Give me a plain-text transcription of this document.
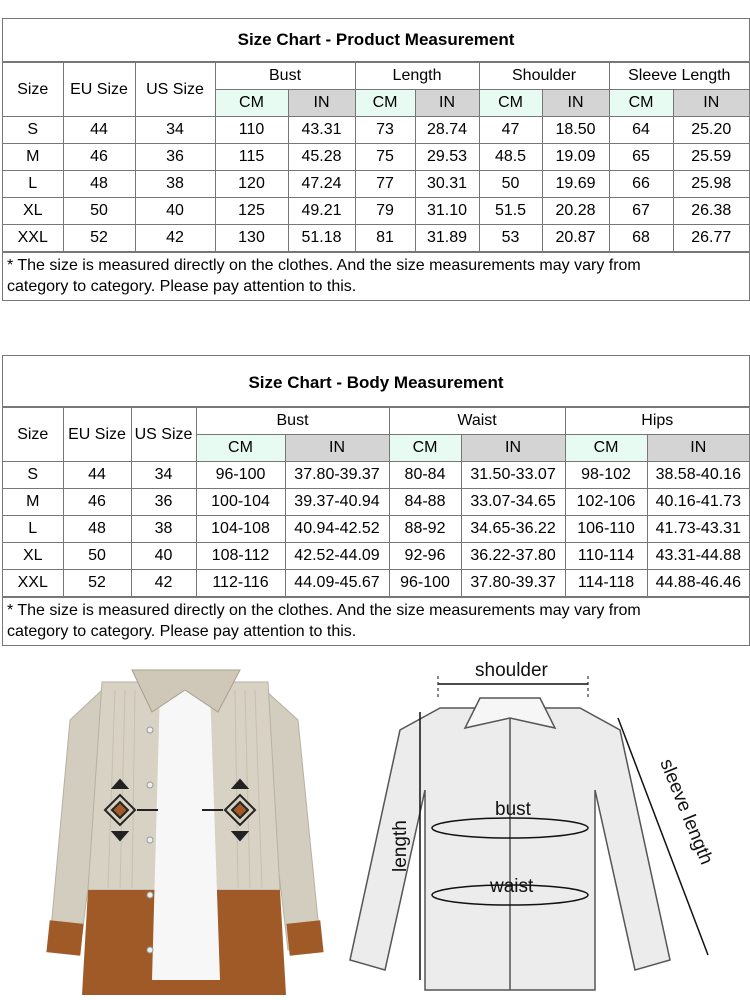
Size Chart - Product Measurement
Size	EU Size	US Size	Bust		Length		Shoulder		Sleeve Length	
			CM	IN	CM	IN	CM	IN	CM	IN
S	44	34	110	43.31	73	28.74	47	18.50	64	25.20
M	46	36	115	45.28	75	29.53	48.5	19.09	65	25.59
L	48	38	120	47.24	77	30.31	50	19.69	66	25.98
XL	50	40	125	49.21	79	31.10	51.5	20.28	67	26.38
XXL	52	42	130	51.18	81	31.89	53	20.87	68	26.77
* The size is measured directly on the clothes. And the size measurements may vary from
category to category. Please pay attention to this.
Size Chart - Body Measurement
Size	EU Size	US Size	Bust		Waist		Hips	
			CM	IN	CM	IN	CM	IN
S	44	34	96-100	37.80-39.37	80-84	31.50-33.07	98-102	38.58-40.16
M	46	36	100-104	39.37-40.94	84-88	33.07-34.65	102-106	40.16-41.73
L	48	38	104-108	40.94-42.52	88-92	34.65-36.22	106-110	41.73-43.31
XL	50	40	108-112	42.52-44.09	92-96	36.22-37.80	110-114	43.31-44.88
XXL	52	42	112-116	44.09-45.67	96-100	37.80-39.37	114-118	44.88-46.46
* The size is measured directly on the clothes. And the size measurements may vary from
category to category. Please pay attention to this.
shoulder
length
bust
waist
sleeve length
